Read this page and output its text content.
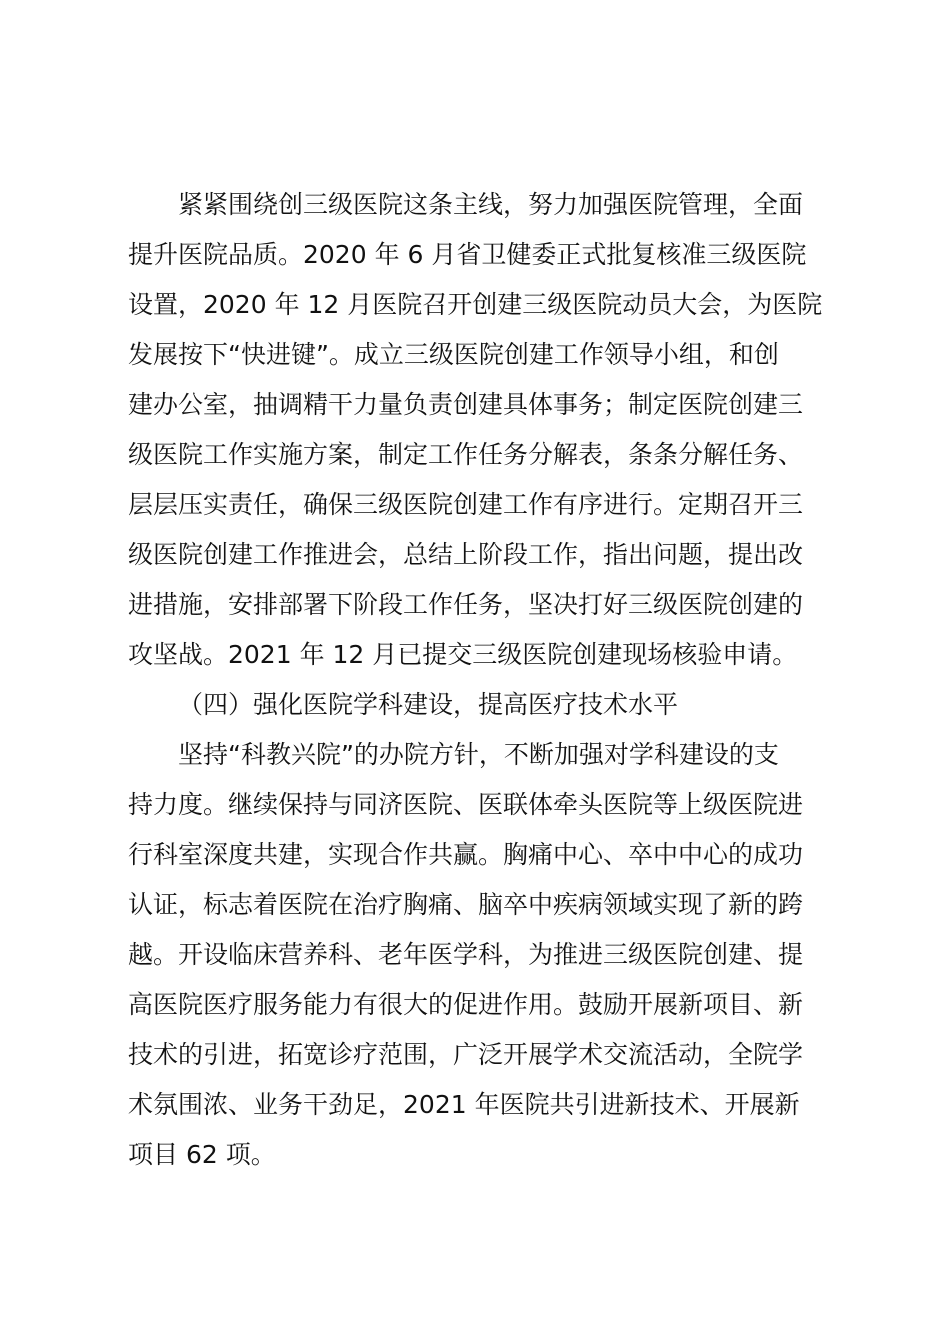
紧紧围绕创三级医院这条主线，努力加强医院管理，全面

提升医院品质。2020 年 6 月省卫健委正式批复核准三级医院

设置，2020 年 12 月医院召开创建三级医院动员大会，为医院

发展按下“快进键”。成立三级医院创建工作领导小组，和创

建办公室，抽调精干力量负责创建具体事务；制定医院创建三

级医院工作实施方案，制定工作任务分解表，条条分解任务、

层层压实责任，确保三级医院创建工作有序进行。定期召开三

级医院创建工作推进会，总结上阶段工作，指出问题，提出改

进措施，安排部署下阶段工作任务，坚决打好三级医院创建的

攻坚战。2021 年 12 月已提交三级医院创建现场核验申请。

（四）强化医院学科建设，提高医疗技术水平

坚持“科教兴院”的办院方针，不断加强对学科建设的支

持力度。继续保持与同济医院、医联体牵头医院等上级医院进

行科室深度共建，实现合作共赢。胸痛中心、卒中中心的成功

认证，标志着医院在治疗胸痛、脑卒中疾病领域实现了新的跨

越。开设临床营养科、老年医学科，为推进三级医院创建、提

高医院医疗服务能力有很大的促进作用。鼓励开展新项目、新

技术的引进，拓宽诊疗范围，广泛开展学术交流活动，全院学

术氛围浓、业务干劲足，2021 年医院共引进新技术、开展新

项目 62 项。
